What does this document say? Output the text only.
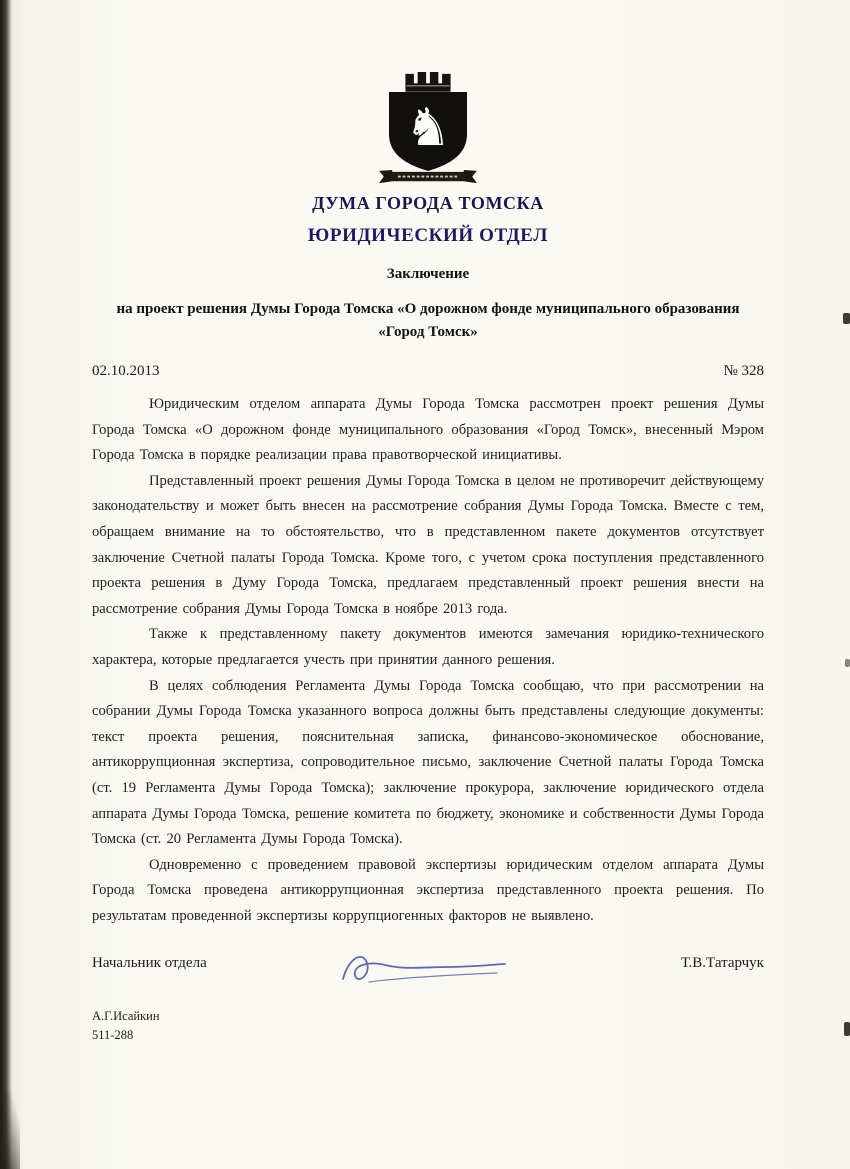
♞
ДУМА ГОРОДА ТОМСКА
ЮРИДИЧЕСКИЙ ОТДЕЛ
Заключение
на проект решения Думы Города Томска «О дорожном фонде муниципального образования
«Город Томск»
02.10.2013	№ 328

Юридическим отделом аппарата Думы Города Томска рассмотрен проект решения Думы Города Томска «О дорожном фонде муниципального образования «Город Томск», внесенный Мэром Города Томска в порядке реализации права правотворческой инициативы.

Представленный проект решения Думы Города Томска в целом не противоречит действующему законодательству и может быть внесен на рассмотрение собрания Думы Города Томска. Вместе с тем, обращаем внимание на то обстоятельство, что в представленном пакете документов отсутствует заключение Счетной палаты Города Томска. Кроме того, с учетом срока поступления представленного проекта решения в Думу Города Томска, предлагаем представленный проект решения внести на рассмотрение собрания Думы Города Томска в ноябре 2013 года.

Также к представленному пакету документов имеются замечания юридико-технического характера, которые предлагается учесть при принятии данного решения.

В целях соблюдения Регламента Думы Города Томска сообщаю, что при рассмотрении на собрании Думы Города Томска указанного вопроса должны быть представлены следующие документы: текст проекта решения, пояснительная записка, финансово-экономическое обоснование, антикоррупционная экспертиза, сопроводительное письмо, заключение Счетной палаты Города Томска (ст. 19 Регламента Думы Города Томска); заключение прокурора, заключение юридического отдела аппарата Думы Города Томска, решение комитета по бюджету, экономике и собственности Думы Города Томска (ст. 20 Регламента Думы Города Томска).

Одновременно с проведением правовой экспертизы юридическим отделом аппарата Думы Города Томска проведена антикоррупционная экспертиза представленного проекта решения. По результатам проведенной экспертизы коррупциогенных факторов не выявлено.

Начальник отдела	Т.В.Татарчук
А.Г.Исайкин
511-288
